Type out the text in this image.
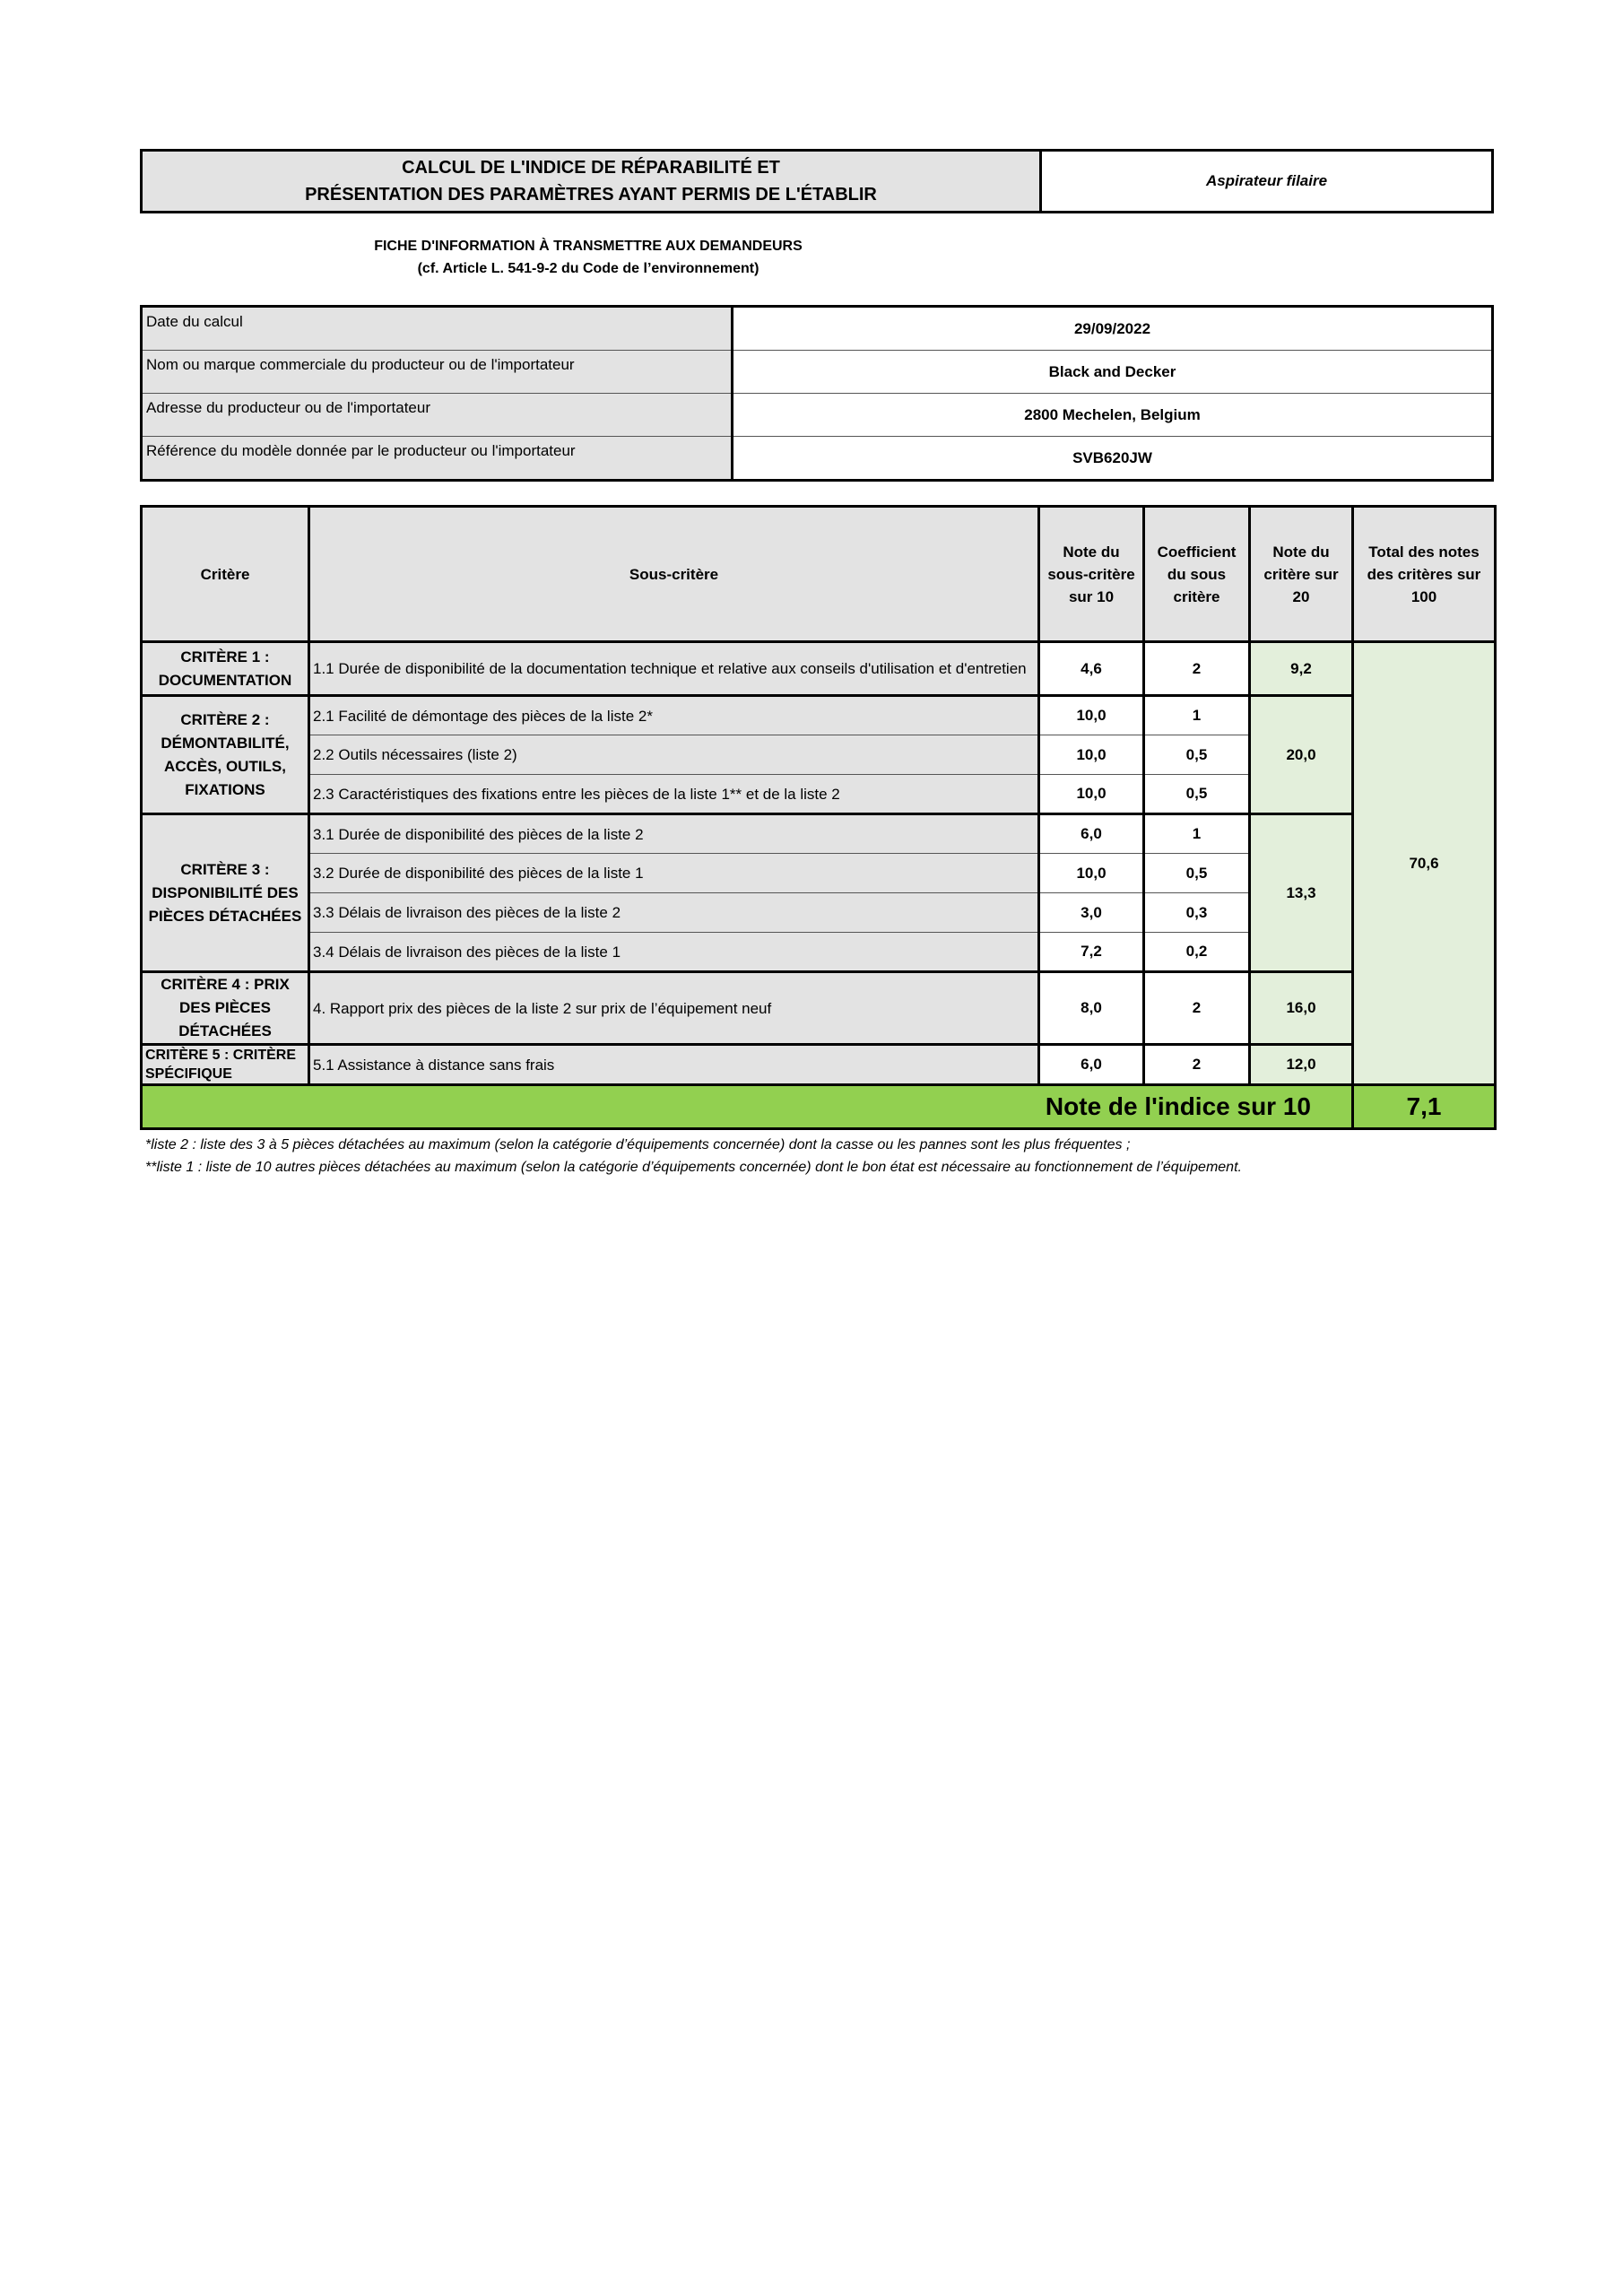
CALCUL DE L'INDICE DE RÉPARABILITÉ ET
PRÉSENTATION DES PARAMÈTRES AYANT PERMIS DE L'ÉTABLIR
Aspirateur filaire
FICHE D'INFORMATION À TRANSMETTRE AUX DEMANDEURS
(cf. Article L. 541-9-2 du Code de l’environnement)
Date du calcul	29/09/2022
Nom ou marque commerciale du producteur ou de l'importateur	Black and Decker
Adresse du producteur ou de l'importateur	2800 Mechelen, Belgium
Référence du modèle donnée par le producteur ou l'importateur	SVB620JW
Critère	Sous-critère	Note du sous-critère sur 10	Coefficient du sous critère	Note du critère sur 20	Total des notes des critères sur 100
CRITÈRE 1 : DOCUMENTATION	1.1 Durée de disponibilité de la documentation technique et relative aux conseils d'utilisation et d'entretien	4,6	2	9,2	70,6
CRITÈRE 2 : DÉMONTABILITÉ, ACCÈS, OUTILS, FIXATIONS	2.1 Facilité de démontage des pièces de la liste 2*	10,0	1	20,0	
	2.2 Outils nécessaires (liste 2)	10,0	0,5		
	2.3 Caractéristiques des fixations entre les pièces de la liste 1** et de la liste 2	10,0	0,5		
CRITÈRE 3 : DISPONIBILITÉ DES PIÈCES DÉTACHÉES	3.1 Durée de disponibilité des pièces de la liste 2	6,0	1	13,3	
	3.2 Durée de disponibilité des pièces de la liste 1	10,0	0,5		
	3.3 Délais de livraison des pièces de la liste 2	3,0	0,3		
	3.4 Délais de livraison des pièces de la liste 1	7,2	0,2		
CRITÈRE 4 : PRIX DES PIÈCES DÉTACHÉES	4. Rapport prix des pièces de la liste 2 sur prix de l’équipement neuf	8,0	2	16,0	
CRITÈRE 5 : CRITÈRE SPÉCIFIQUE	5.1 Assistance à distance sans frais	6,0	2	12,0	
Note de l'indice sur 10					7,1
*liste 2 : liste des 3 à 5 pièces détachées au maximum (selon la catégorie d’équipements concernée) dont la casse ou les pannes sont les plus fréquentes ;
**liste 1 : liste de 10 autres pièces détachées au maximum (selon la catégorie d’équipements concernée) dont le bon état est nécessaire au fonctionnement de l’équipement.
